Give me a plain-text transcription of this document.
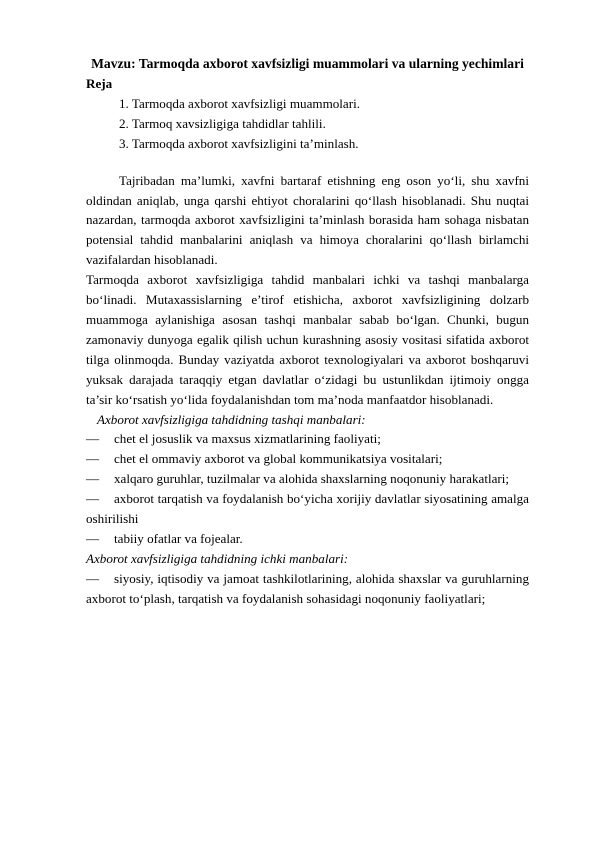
Mavzu: Tarmoqda axborot xavfsizligi muammolari va ularning yechimlari
Reja
1. Tarmoqda axborot xavfsizligi muammolari.
2. Tarmoq xavsizligiga tahdidlar tahlili.
3. Tarmoqda axborot xavfsizligini ta’minlash.

Tajribadan ma’lumki, xavfni bartaraf etishning eng oson yo‘li, shu xavfni oldindan aniqlab, unga qarshi ehtiyot choralarini qo‘llash hisoblanadi. Shu nuqtai nazardan, tarmoqda axborot xavfsizligini ta’minlash borasida ham sohaga nisbatan potensial tahdid manbalarini aniqlash va himoya choralarini qo‘llash birlamchi vazifalardan hisoblanadi.

Tarmoqda axborot xavfsizligiga tahdid manbalari ichki va tashqi manbalarga bo‘linadi. Mutaxassislarning e’tirof etishicha, axborot xavfsizligining dolzarb muammoga aylanishiga asosan tashqi manbalar sabab bo‘lgan. Chunki, bugun zamonaviy dunyoga egalik qilish uchun kurashning asosiy vositasi sifatida axborot tilga olinmoqda. Bunday vaziyatda axborot texnologiyalari va axborot boshqaruvi yuksak darajada taraqqiy etgan davlatlar o‘zidagi bu ustunlikdan ijtimoiy ongga ta’sir ko‘rsatish yo‘lida foydalanishdan tom ma’noda manfaatdor hisoblanadi.

Axborot xavfsizligiga tahdidning tashqi manbalari:
— chet el josuslik va maxsus xizmatlarining faoliyati;
— chet el ommaviy axborot va global kommunikatsiya vositalari;
— xalqaro guruhlar, tuzilmalar va alohida shaxslarning noqonuniy harakatlari;
— axborot tarqatish va foydalanish bo‘yicha xorijiy davlatlar siyosatining amalga oshirilishi
— tabiiy ofatlar va fojealar.
Axborot xavfsizligiga tahdidning ichki manbalari:
— siyosiy, iqtisodiy va jamoat tashkilotlarining, alohida shaxslar va guruhlarning axborot to‘plash, tarqatish va foydalanish sohasidagi noqonuniy faoliyatlari;
